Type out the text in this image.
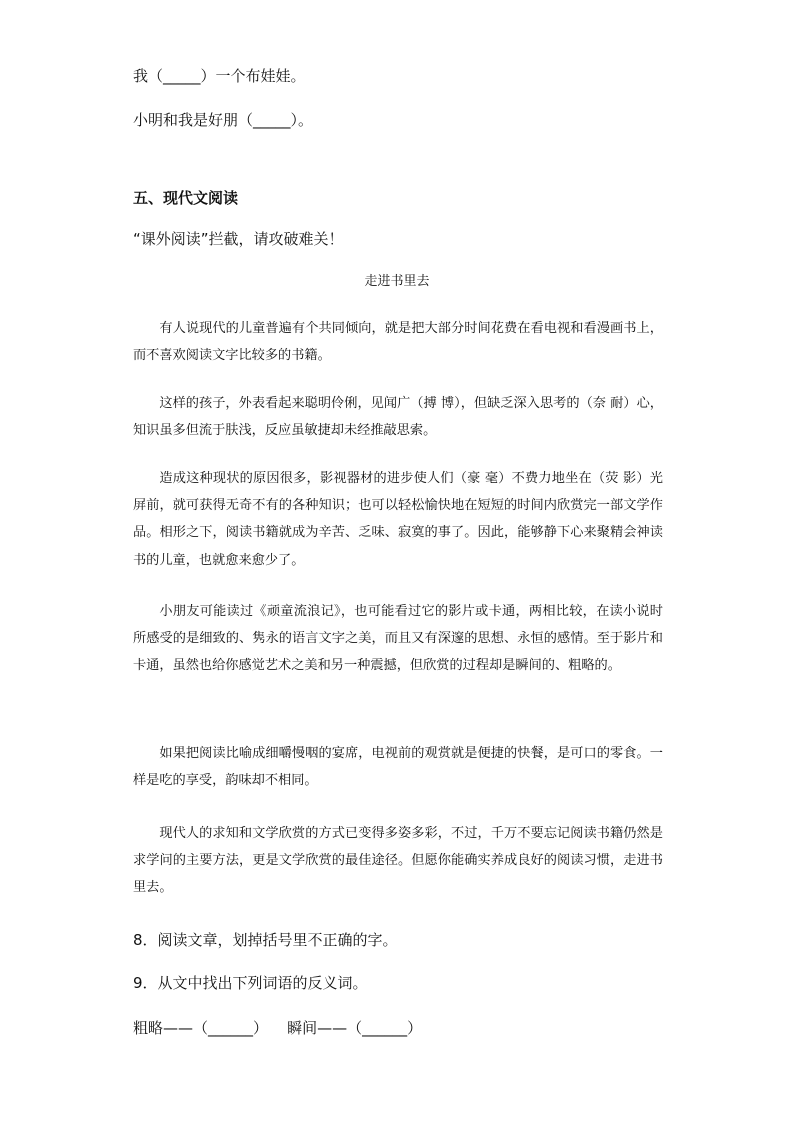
我（_____）一个布娃娃。
小明和我是好朋（_____）。
五、现代文阅读
“课外阅读”拦截，请攻破难关！
走进书里去

有人说现代的儿童普遍有个共同倾向，就是把大部分时间花费在看电视和看漫画书上，而不喜欢阅读文字比较多的书籍。

这样的孩子，外表看起来聪明伶俐，见闻广（搏 博），但缺乏深入思考的（奈 耐）心，知识虽多但流于肤浅，反应虽敏捷却未经推敲思索。

造成这种现状的原因很多，影视器材的进步使人们（豪 毫）不费力地坐在（荧 影）光屏前，就可获得无奇不有的各种知识；也可以轻松愉快地在短短的时间内欣赏完一部文学作品。相形之下，阅读书籍就成为辛苦、乏味、寂寞的事了。因此，能够静下心来聚精会神读书的儿童，也就愈来愈少了。

小朋友可能读过《顽童流浪记》，也可能看过它的影片或卡通，两相比较，在读小说时所感受的是细致的、隽永的语言文字之美，而且又有深邃的思想、永恒的感情。至于影片和卡通，虽然也给你感觉艺术之美和另一种震撼，但欣赏的过程却是瞬间的、粗略的。

如果把阅读比喻成细嚼慢咽的宴席，电视前的观赏就是便捷的快餐，是可口的零食。一样是吃的享受，韵味却不相同。

现代人的求知和文学欣赏的方式已变得多姿多彩，不过，千万不要忘记阅读书籍仍然是求学问的主要方法，更是文学欣赏的最佳途径。但愿你能确实养成良好的阅读习惯，走进书里去。

8．阅读文章，划掉括号里不正确的字。
9．从文中找出下列词语的反义词。
粗略——（______）    瞬间——（______）
